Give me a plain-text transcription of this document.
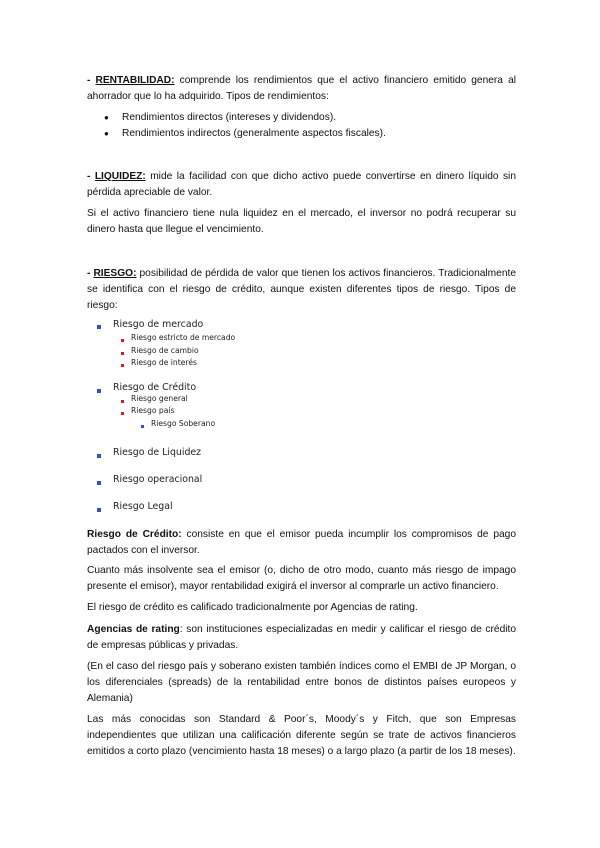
- RENTABILIDAD: comprende los rendimientos que el activo financiero emitido genera al ahorrador que lo ha adquirido. Tipos de rendimientos:

● Rendimientos directos (intereses y dividendos).
● Rendimientos indirectos (generalmente aspectos fiscales).

- LIQUIDEZ: mide la facilidad con que dicho activo puede convertirse en dinero líquido sin pérdida apreciable de valor.

Si el activo financiero tiene nula liquidez en el mercado, el inversor no podrá recuperar su dinero hasta que llegue el vencimiento.

- RIESGO: posibilidad de pérdida de valor que tienen los activos financieros. Tradicionalmente se identifica con el riesgo de crédito, aunque existen diferentes tipos de riesgo. Tipos de riesgo:

Riesgo de mercado
Riesgo estricto de mercado
Riesgo de cambio
Riesgo de interés
Riesgo de Crédito
Riesgo general
Riesgo país
Riesgo Soberano
Riesgo de Liquidez
Riesgo operacional
Riesgo Legal

Riesgo de Crédito: consiste en que el emisor pueda incumplir los compromisos de pago pactados con el inversor.

Cuanto más insolvente sea el emisor (o, dicho de otro modo, cuanto más riesgo de impago presente el emisor), mayor rentabilidad exigirá el inversor al comprarle un activo financiero.

El riesgo de crédito es calificado tradicionalmente por Agencias de rating.

Agencias de rating: son instituciones especializadas en medir y calificar el riesgo de crédito de empresas públicas y privadas.

(En el caso del riesgo país y soberano existen también índices como el EMBI de JP Morgan, o los diferenciales (spreads) de la rentabilidad entre bonos de distintos países europeos y Alemania)

Las más conocidas son Standard & Poor´s, Moody´s y Fitch, que son Empresas independientes que utilizan una calificación diferente según se trate de activos financieros emitidos a corto plazo (vencimiento hasta 18 meses) o a largo plazo (a partir de los 18 meses).
